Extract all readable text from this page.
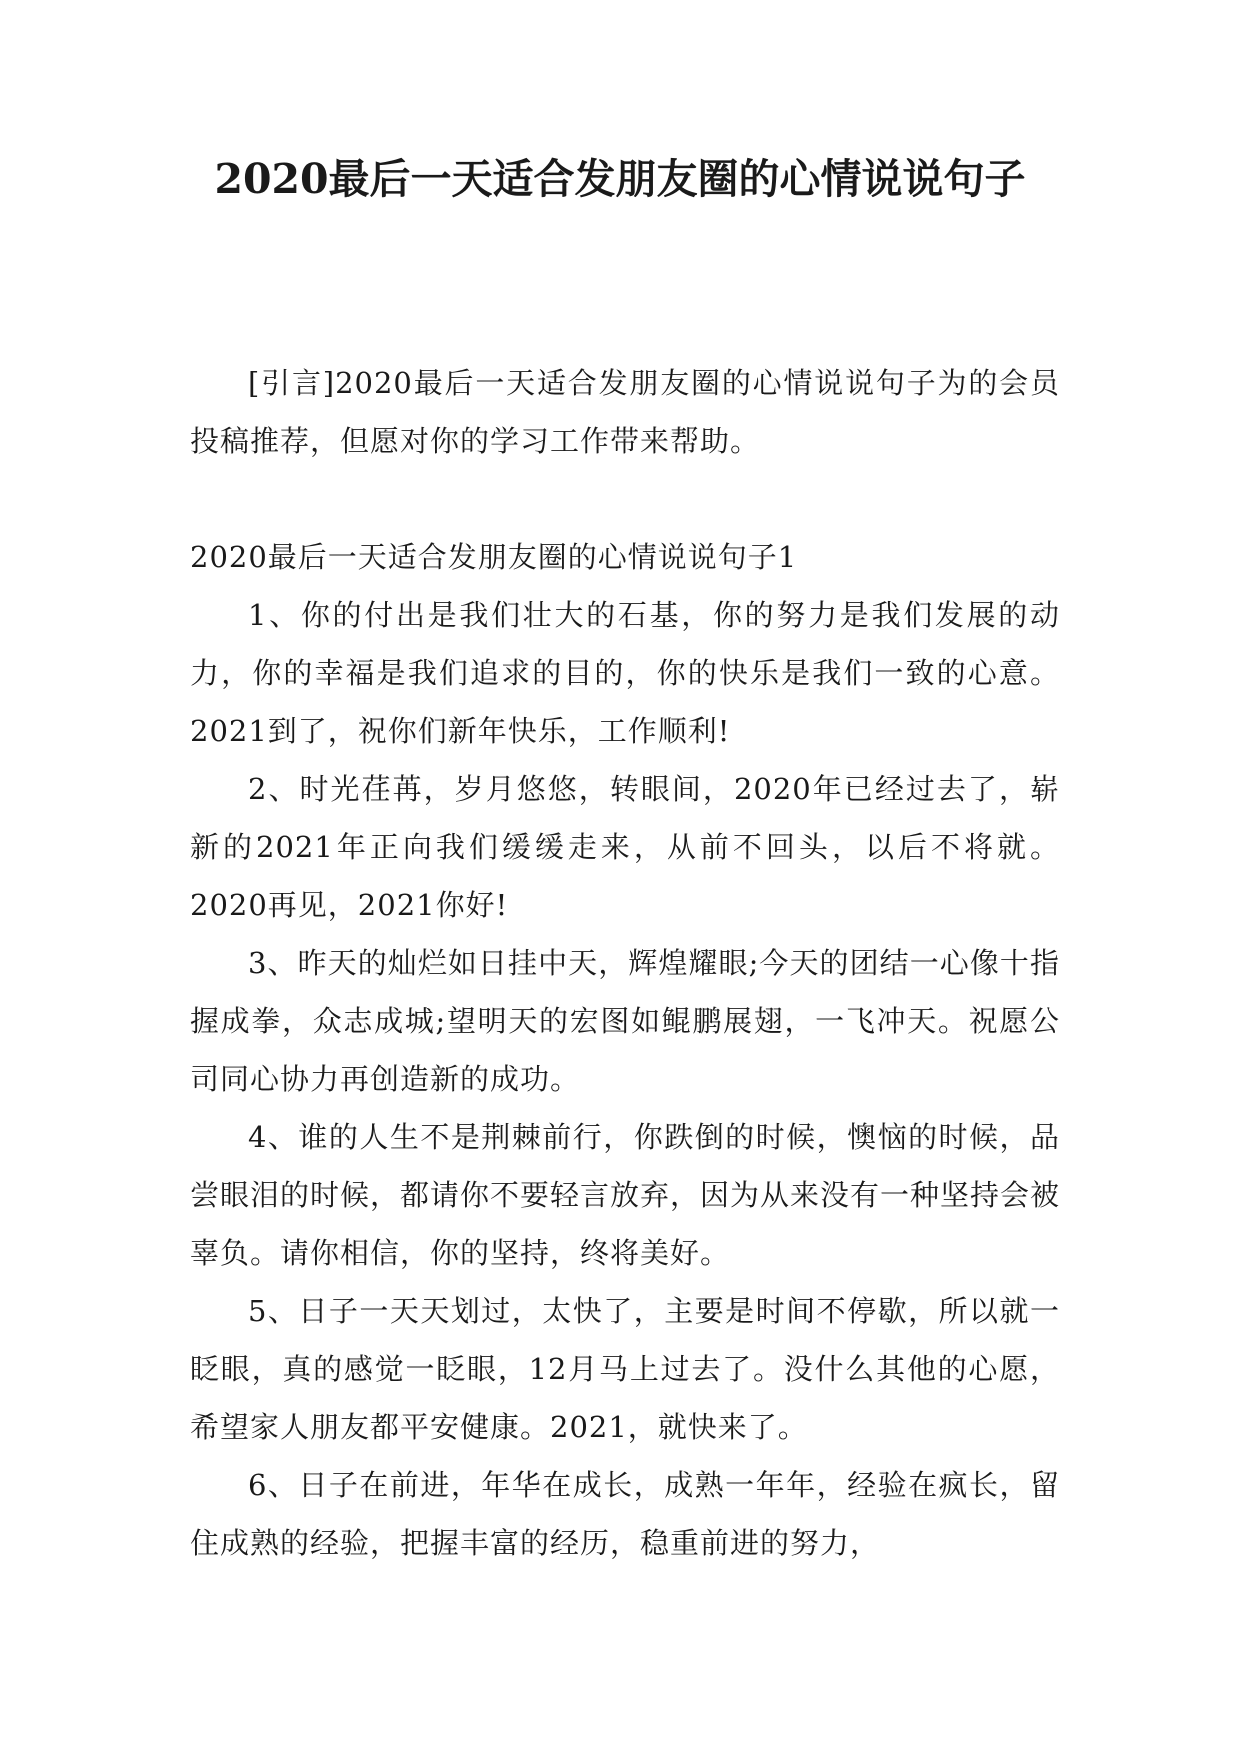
2020最后一天适合发朋友圈的心情说说句子

[引言]2020最后一天适合发朋友圈的心情说说句子为的会员投稿推荐，但愿对你的学习工作带来帮助。

2020最后一天适合发朋友圈的心情说说句子1

1、你的付出是我们壮大的石基，你的努力是我们发展的动力，你的幸福是我们追求的目的，你的快乐是我们一致的心意。2021到了，祝你们新年快乐，工作顺利!

2、时光荏苒，岁月悠悠，转眼间，2020年已经过去了，崭新的2021年正向我们缓缓走来，从前不回头，以后不将就。2020再见，2021你好!

3、昨天的灿烂如日挂中天，辉煌耀眼;今天的团结一心像十指握成拳，众志成城;望明天的宏图如鲲鹏展翅，一飞冲天。祝愿公司同心协力再创造新的成功。

4、谁的人生不是荆棘前行，你跌倒的时候，懊恼的时候，品尝眼泪的时候，都请你不要轻言放弃，因为从来没有一种坚持会被辜负。请你相信，你的坚持，终将美好。

5、日子一天天划过，太快了，主要是时间不停歇，所以就一眨眼，真的感觉一眨眼，12月马上过去了。没什么其他的心愿，希望家人朋友都平安健康。2021，就快来了。

6、日子在前进，年华在成长，成熟一年年，经验在疯长，留住成熟的经验，把握丰富的经历，稳重前进的努力，
